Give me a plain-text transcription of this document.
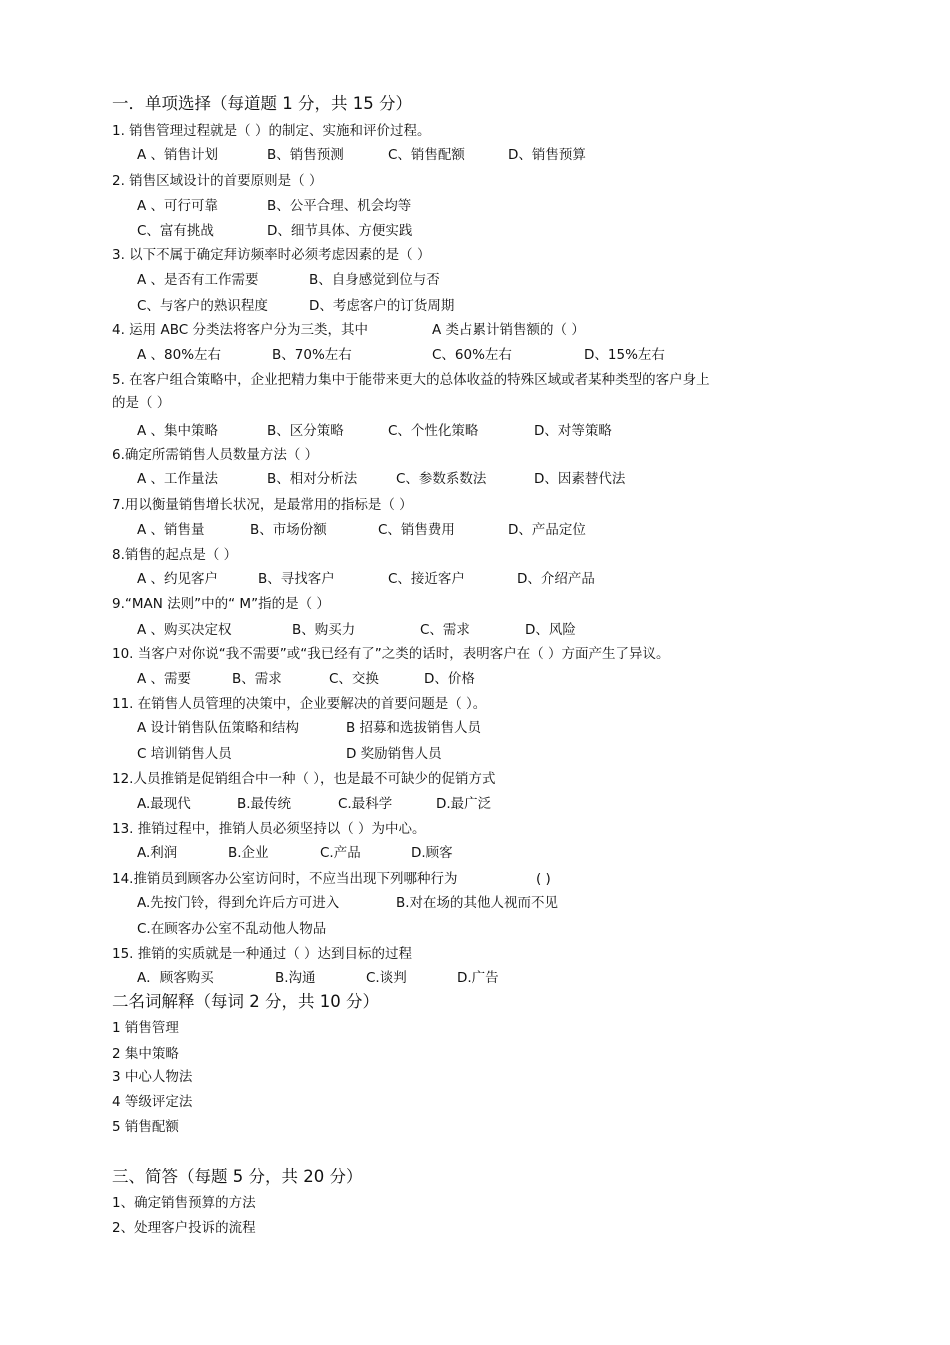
一．单项选择（每道题 1 分，共 15 分）
1. 销售管理过程就是（ ）的制定、实施和评价过程。
A 、销售计划	B、销售预测	C、销售配额	D、销售预算
2. 销售区域设计的首要原则是（ ）
A 、可行可靠	B、公平合理、机会均等
C、富有挑战	D、细节具体、方便实践
3. 以下不属于确定拜访频率时必须考虑因素的是（ ）
A 、是否有工作需要	B、自身感觉到位与否
C、与客户的熟识程度	D、考虑客户的订货周期
4. 运用 ABC 分类法将客户分为三类，其中	A 类占累计销售额的（ ）
A 、80%左右	B、70%左右	C、60%左右	D、15%左右
5. 在客户组合策略中，企业把精力集中于能带来更大的总体收益的特殊区域或者某种类型的客户身上
的是（ ）
A 、集中策略	B、区分策略	C、个性化策略	D、对等策略
6.确定所需销售人员数量方法（ ）
A 、工作量法	B、相对分析法	C、参数系数法	D、因素替代法
7.用以衡量销售增长状况，是最常用的指标是（ ）
A 、销售量	B、市场份额	C、销售费用	D、产品定位
8.销售的起点是（ ）
A 、约见客户	B、寻找客户	C、接近客户	D、介绍产品
9.“MAN 法则”中的“ M”指的是（ ）
A 、购买决定权	B、购买力	C、需求	D、风险
10. 当客户对你说“我不需要”或“我已经有了”之类的话时，表明客户在（ ）方面产生了异议。
A 、需要	B、需求	C、交换	D、价格
11. 在销售人员管理的决策中，企业要解决的首要问题是（ ）。
A 设计销售队伍策略和结构	B 招募和选拔销售人员
C 培训销售人员	D 奖励销售人员
12.人员推销是促销组合中一种（ ），也是最不可缺少的促销方式
A.最现代	B.最传统	C.最科学	D.最广泛
13. 推销过程中，推销人员必须坚持以（ ）为中心。
A.利润	B.企业	C.产品	D.顾客
14.推销员到顾客办公室访问时，不应当出现下列哪种行为	( )
A.先按门铃，得到允许后方可进入	B.对在场的其他人视而不见
C.在顾客办公室不乱动他人物品
15. 推销的实质就是一种通过（ ）达到目标的过程
A．顾客购买	B.沟通	C.谈判	D.广告
二名词解释（每词 2 分，共 10 分）
1 销售管理
2 集中策略
3 中心人物法
4 等级评定法
5 销售配额
三、简答（每题 5 分，共 20 分）
1、确定销售预算的方法
2、处理客户投诉的流程
